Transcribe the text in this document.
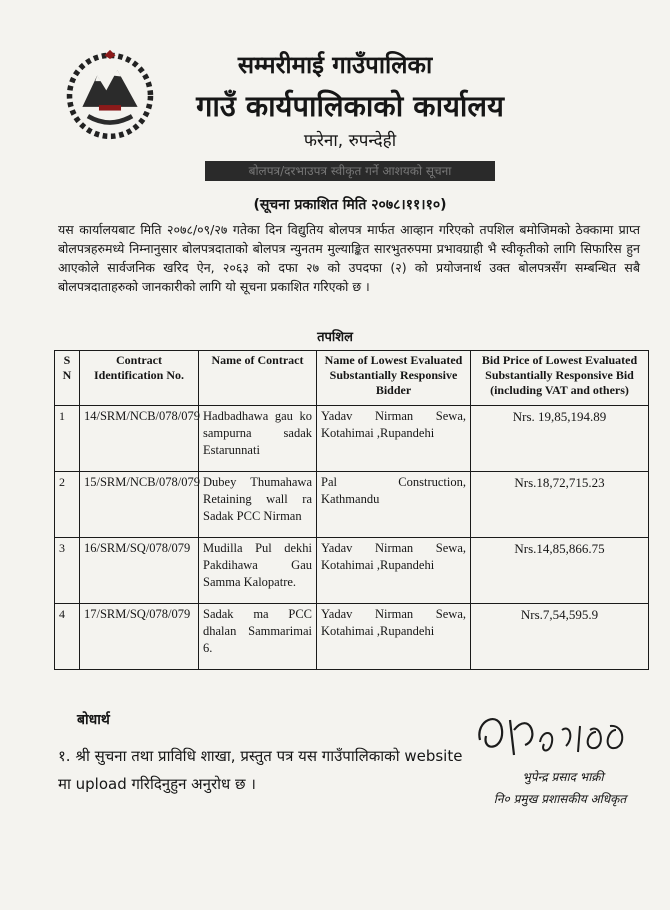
सम्मरीमाई गाउँपालिका
गाउँ कार्यपालिकाको कार्यालय
फरेना, रुपन्देही
बोलपत्र/दरभाउपत्र स्वीकृत गर्ने आशयको सूचना
(सूचना प्रकाशित मिति २०७८।११।१०)
यस कार्यालयबाट मिति २०७८/०९/२७ गतेका दिन विद्युतिय बोलपत्र मार्फत आव्हान गरिएको तपशिल बमोजिमको ठेक्कामा प्राप्त बोलपत्रहरुमध्ये निम्नानुसार बोलपत्रदाताको बोलपत्र न्युनतम मुल्याङ्कित सारभुतरुपमा प्रभावग्राही भै स्वीकृतीको लागि सिफारिस हुन आएकोले सार्वजनिक खरिद ऐन, २०६३ को दफा २७ को उपदफा (२) को प्रयोजनार्थ उक्त बोलपत्रसँग सम्बन्धित सबै बोलपत्रदाताहरुको जानकारीको लागि यो सूचना प्रकाशित गरिएको छ ।
तपशिल
S N	Contract Identification No.	Name of Contract	Name of Lowest Evaluated Substantially Responsive Bidder	Bid Price of Lowest Evaluated Substantially Responsive Bid (including VAT and others)
1	14/SRM/NCB/078/079	Hadbadhawa gau ko sampurna sadak Estarunnati	Yadav Nirman Sewa, Kotahimai ,Rupandehi	Nrs. 19,85,194.89
2	15/SRM/NCB/078/079	Dubey Thumahawa Retaining wall ra Sadak PCC Nirman	Pal Construction, Kathmandu	Nrs.18,72,715.23
3	16/SRM/SQ/078/079	Mudilla Pul dekhi Pakdihawa Gau Samma Kalopatre.	Yadav Nirman Sewa, Kotahimai ,Rupandehi	Nrs.14,85,866.75
4	17/SRM/SQ/078/079	Sadak ma PCC dhalan Sammarimai 6.	Yadav Nirman Sewa, Kotahimai ,Rupandehi	Nrs.7,54,595.9
बोधार्थ
१. श्री सुचना तथा प्राविधि शाखा, प्रस्तुत पत्र यस गाउँपालिकाको website मा upload गरिदिनुहुन अनुरोध छ ।	भुपेन्द्र प्रसाद भाक्री
नि० प्रमुख प्रशासकीय अधिकृत
